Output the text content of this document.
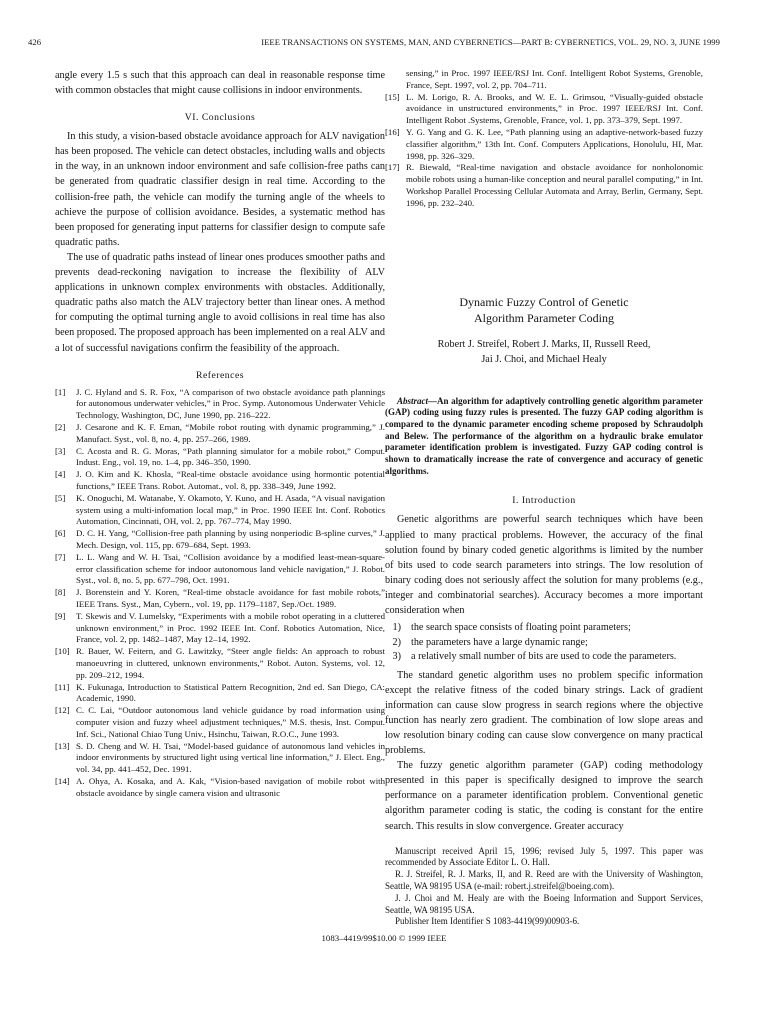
426	IEEE TRANSACTIONS ON SYSTEMS, MAN, AND CYBERNETICS—PART B: CYBERNETICS, VOL. 29, NO. 3, JUNE 1999

angle every 1.5 s such that this approach can deal in reasonable response time with common obstacles that might cause collisions in indoor environments.

VI. Conclusions

In this study, a vision-based obstacle avoidance approach for ALV navigation has been proposed. The vehicle can detect obstacles, including walls and objects in the way, in an unknown indoor environment and safe collision-free paths can be generated from quadratic classifier design in real time. According to the collision-free path, the vehicle can modify the turning angle of the wheels to achieve the purpose of collision avoidance. Besides, a systematic method has been proposed for generating input patterns for classifier design to compute safe quadratic paths.

The use of quadratic paths instead of linear ones produces smoother paths and prevents dead-reckoning navigation to increase the flexibility of ALV applications in unknown complex environments with obstacles. Additionally, quadratic paths also match the ALV trajectory better than linear ones. A method for computing the optimal turning angle to avoid collisions in real time has also been proposed. The proposed approach has been implemented on a real ALV and a lot of successful navigations confirm the feasibility of the approach.

References
[1]	J. C. Hyland and S. R. Fox, “A comparison of two obstacle avoidance path plannings for autonomous underwater vehicles,” in Proc. Symp. Autonomous Underwater Vehicle Technology, Washington, DC, June 1990, pp. 216–222.
[2]	J. Cesarone and K. F. Eman, “Mobile robot routing with dynamic programming,” J. Manufact. Syst., vol. 8, no. 4, pp. 257–266, 1989.
[3]	C. Acosta and R. G. Moras, “Path planning simulator for a mobile robot,” Comput. Indust. Eng., vol. 19, no. 1–4, pp. 346–350, 1990.
[4]	J. O. Kim and K. Khosla, “Real-time obstacle avoidance using hormontic potential functions,” IEEE Trans. Robot. Automat., vol. 8, pp. 338–349, June 1992.
[5]	K. Onoguchi, M. Watanabe, Y. Okamoto, Y. Kuno, and H. Asada, “A visual navigation system using a multi-infomation local map,” in Proc. 1990 IEEE Int. Conf. Robotics Automation, Cincinnati, OH, vol. 2, pp. 767–774, May 1990.
[6]	D. C. H. Yang, “Collision-free path planning by using nonperiodic B-spline curves,” J. Mech. Design, vol. 115, pp. 679–684, Sept. 1993.
[7]	L. L. Wang and W. H. Tsai, “Collision avoidance by a modified least-mean-square-error classification scheme for indoor autonomous land vehicle navigation,” J. Robot. Syst., vol. 8, no. 5, pp. 677–798, Oct. 1991.
[8]	J. Borenstein and Y. Koren, “Real-time obstacle avoidance for fast mobile robots,” IEEE Trans. Syst., Man, Cybern., vol. 19, pp. 1179–1187, Sep./Oct. 1989.
[9]	T. Skewis and V. Lumelsky, “Experiments with a mobile robot operating in a cluttered unknown environment,” in Proc. 1992 IEEE Int. Conf. Robotics Automation, Nice, France, vol. 2, pp. 1482–1487, May 12–14, 1992.
[10] R. Bauer, W. Feitern, and G. Lawitzky, “Steer angle fields: An approach to robust manoeuvring in cluttered, unknown environments,” Robot. Auton. Systems, vol. 12, pp. 209–212, 1994.
[11] K. Fukunaga, Introduction to Statistical Pattern Recognition, 2nd ed. San Diego, CA: Academic, 1990.
[12] C. C. Lai, “Outdoor autonomous land vehicle guidance by road information using computer vision and fuzzy wheel adjustment techniques,” M.S. thesis, Inst. Comput. Inf. Sci., National Chiao Tung Univ., Hsinchu, Taiwan, R.O.C., June 1993.
[13] S. D. Cheng and W. H. Tsai, “Model-based guidance of autonomous land vehicles in indoor environments by structured light using vertical line information,” J. Elect. Eng., vol. 34, pp. 441–452, Dec. 1991.
[14] A. Ohya, A. Kosaka, and A. Kak, “Vision-based navigation of mobile robot with obstacle avoidance by single camera vision and ultrasonic
sensing,” in Proc. 1997 IEEE/RSJ Int. Conf. Intelligent Robot Systems, Grenoble, France, Sept. 1997, vol. 2, pp. 704–711.
[15] L. M. Lorigo, R. A. Brooks, and W. E. L. Grimsou, “Visually-guided obstacle avoidance in unstructured environments,” in Proc. 1997 IEEE/RSJ Int. Conf. Intelligent Robot .Systems, Grenoble, France, vol. 1, pp. 373–379, Sept. 1997.
[16] Y. G. Yang and G. K. Lee, “Path planning using an adaptive-network-based fuzzy classifier algorithm,” 13th Int. Conf. Computers Applications, Honolulu, HI, Mar. 1998, pp. 326–329.
[17] R. Biewald, “Real-time navigation and obstacle avoidance for nonholonomic mobile robots using a human-like conception and neural parallel computing,” in Int. Workshop Parallel Processing Cellular Automata and Array, Berlin, Germany, Sept. 1996, pp. 232–240.
Dynamic Fuzzy Control of Genetic
Algorithm Parameter Coding
Robert J. Streifel, Robert J. Marks, II, Russell Reed,
Jai J. Choi, and Michael Healy
Abstract—An algorithm for adaptively controlling genetic algorithm parameter (GAP) coding using fuzzy rules is presented. The fuzzy GAP coding algorithm is compared to the dynamic parameter encoding scheme proposed by Schraudolph and Belew. The performance of the algorithm on a hydraulic brake emulator parameter identification problem is investigated. Fuzzy GAP coding control is shown to dramatically increase the rate of convergence and accuracy of genetic algorithms.
I. Introduction

Genetic algorithms are powerful search techniques which have been applied to many practical problems. However, the accuracy of the final solution found by binary coded genetic algorithms is limited by the number of bits used to code search parameters into strings. The low resolution of binary coding does not seriously affect the solution for many problems (e.g., integer and combinatorial searches). Accuracy becomes a more important consideration when

1) the search space consists of floating point parameters;
2) the parameters have a large dynamic range;
3) a relatively small number of bits are used to code the parameters.

The standard genetic algorithm uses no problem specific information except the relative fitness of the coded binary strings. Lack of gradient information can cause slow progress in search regions where the objective function has nearly zero gradient. The combination of low slope areas and low resolution binary coding can cause slow convergence on many practical problems.

The fuzzy genetic algorithm parameter (GAP) coding methodology presented in this paper is specifically designed to improve the search performance on a parameter identification problem. Conventional genetic algorithm parameter coding is static, the coding is constant for the entire search. This results in slow convergence. Greater accuracy

Manuscript received April 15, 1996; revised July 5, 1997. This paper was recommended by Associate Editor L. O. Hall.

R. J. Streifel, R. J. Marks, II, and R. Reed are with the University of Washington, Seattle, WA 98195 USA (e-mail: robert.j.streifel@boeing.com).

J. J. Choi and M. Healy are with the Boeing Information and Support Services, Seattle, WA 98195 USA.

Publisher Item Identifier S 1083-4419(99)00903-6.

1083–4419/99$10.00 © 1999 IEEE
